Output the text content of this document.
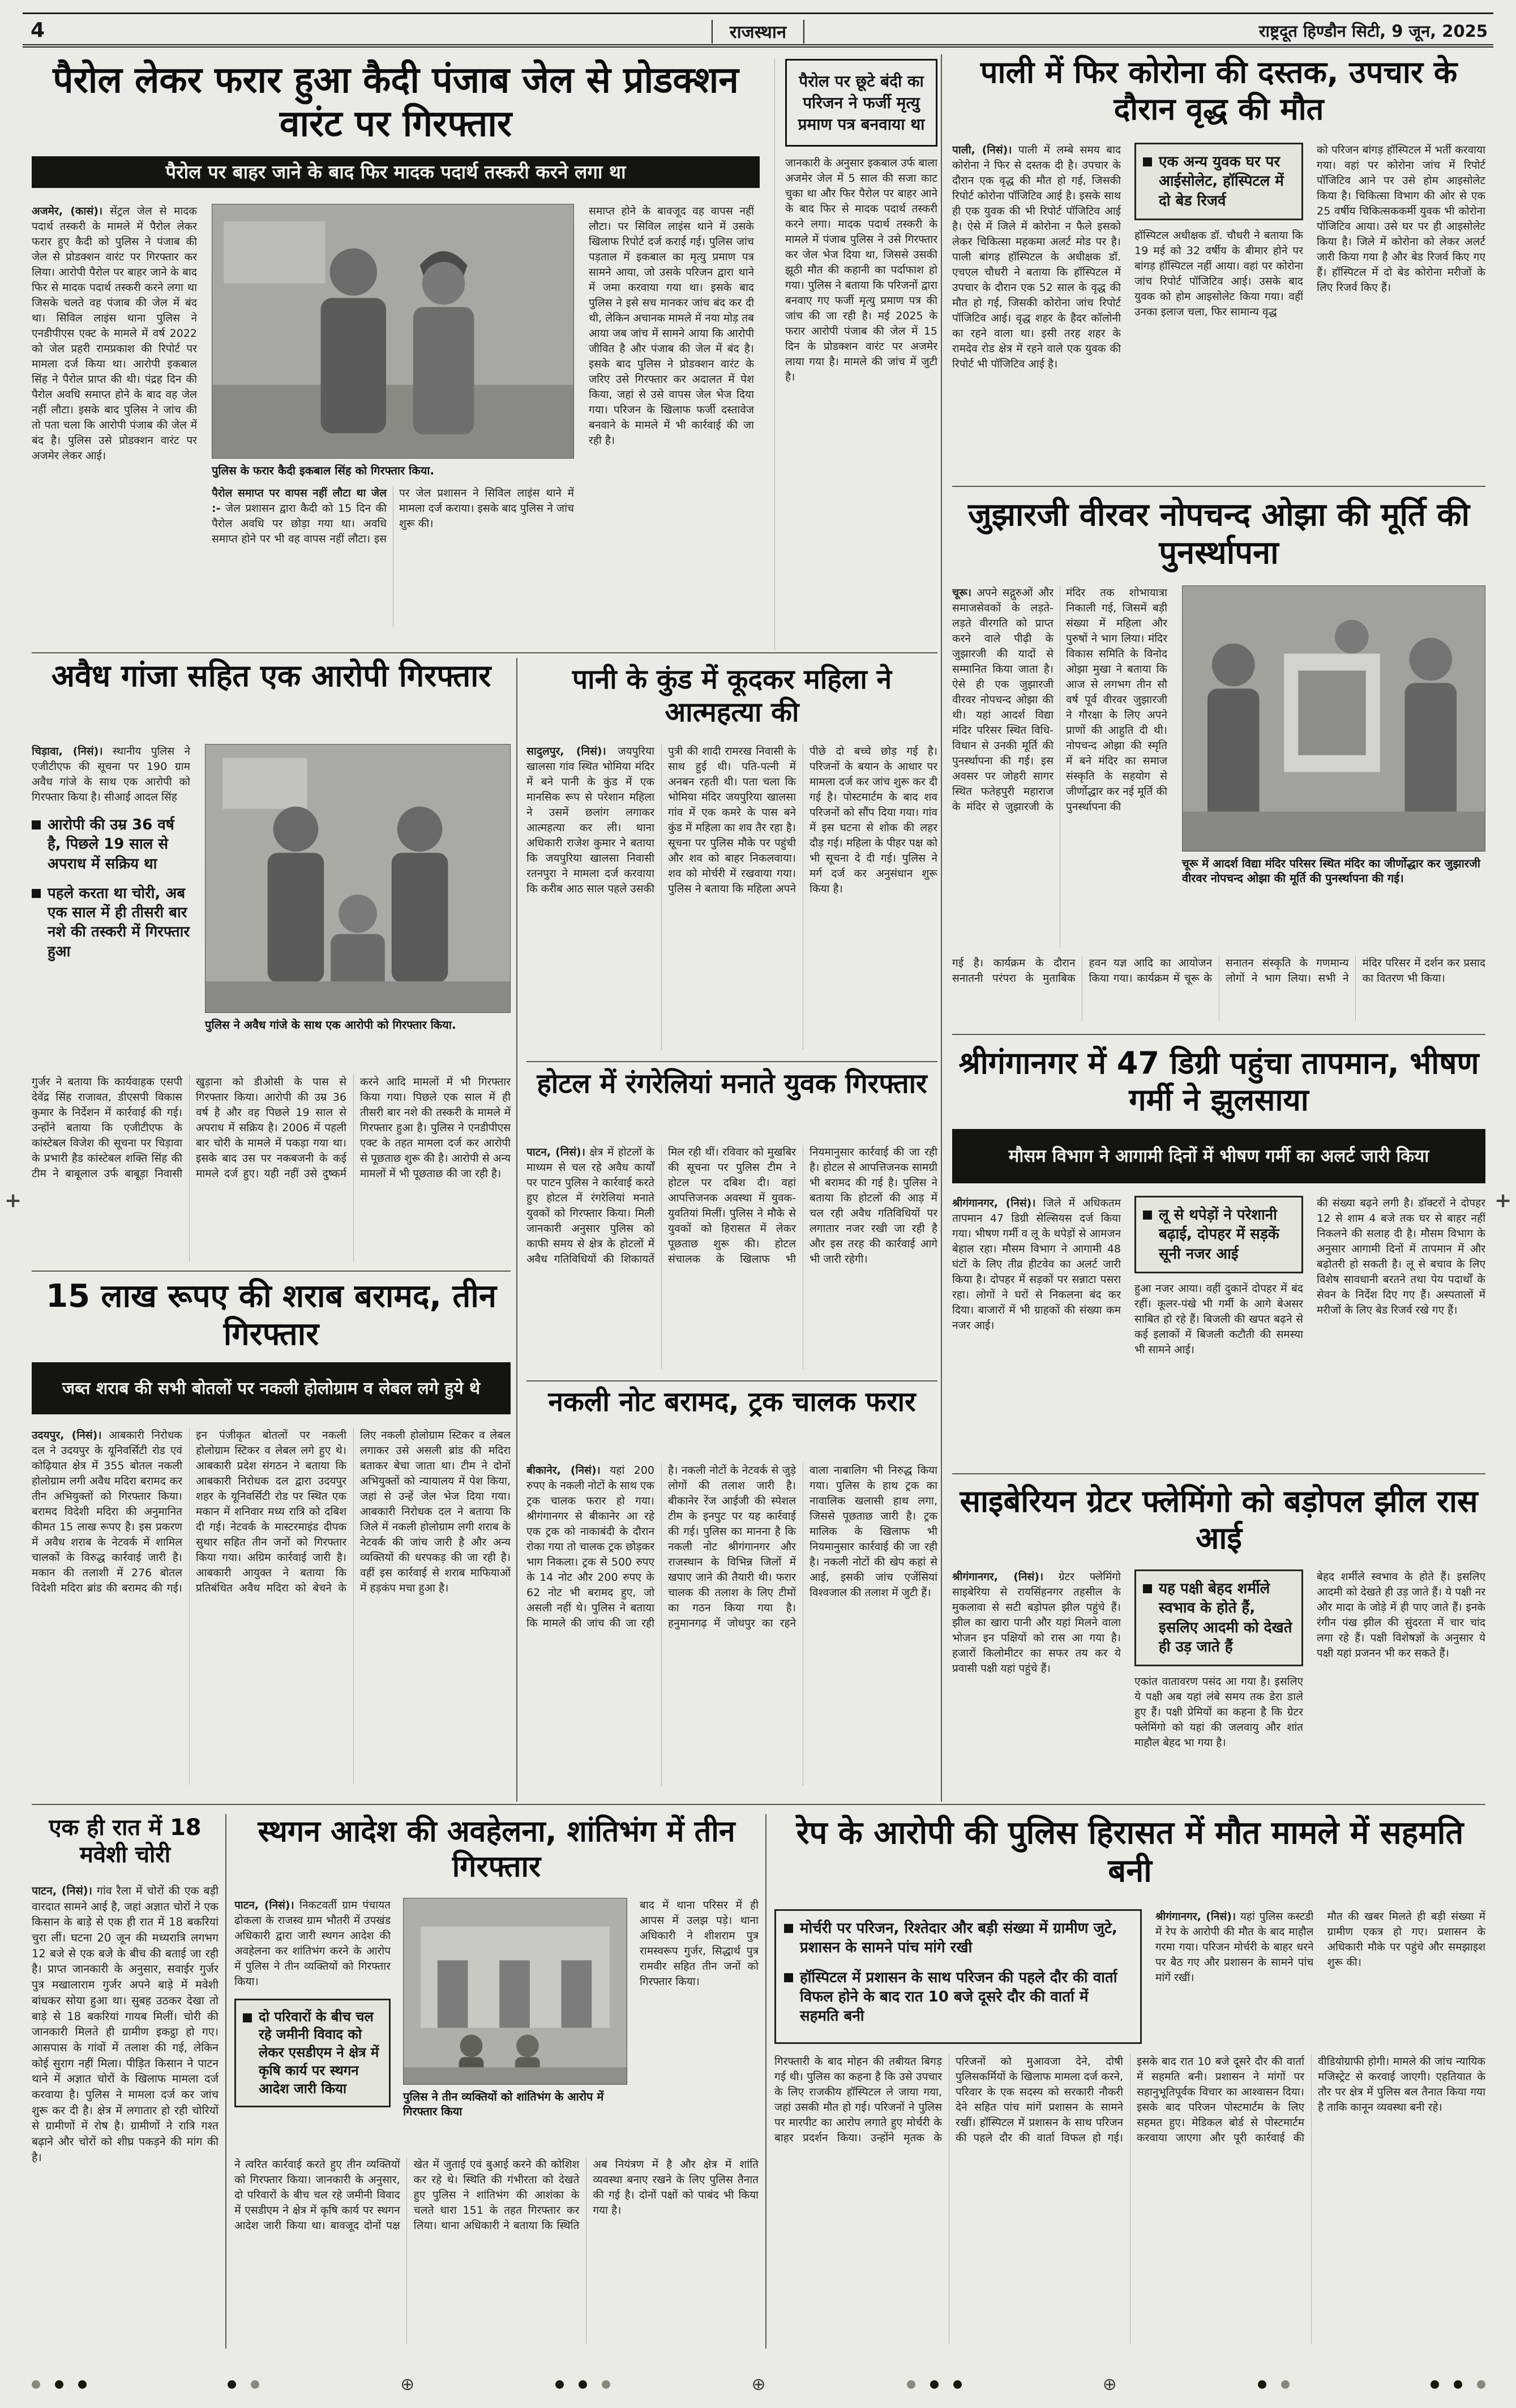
4	राजस्थान	राष्ट्रदूत हिण्डौन सिटी, 9 जून, 2025
+	+
पैरोल लेकर फरार हुआ कैदी पंजाब जेल से प्रोडक्शन वारंट पर गिरफ्तार
पैरोल पर बाहर जाने के बाद फिर मादक पदार्थ तस्करी करने लगा था

अजमेर, (कासं)। सेंट्रल जेल से मादक पदार्थ तस्करी के मामले में पैरोल लेकर फरार हुए कैदी को पुलिस ने पंजाब की जेल से प्रोडक्शन वारंट पर गिरफ्तार कर लिया। आरोपी पैरोल पर बाहर जाने के बाद फिर से मादक पदार्थ तस्करी करने लगा था जिसके चलते वह पंजाब की जेल में बंद था। सिविल लाइंस थाना पुलिस ने एनडीपीएस एक्ट के मामले में वर्ष 2022 को जेल प्रहरी रामप्रकाश की रिपोर्ट पर मामला दर्ज किया था। आरोपी इकबाल सिंह ने पैरोल प्राप्त की थी। पंद्रह दिन की पैरोल अवधि समाप्त होने के बाद वह जेल नहीं लौटा। इसके बाद पुलिस ने जांच की तो पता चला कि आरोपी पंजाब की जेल में बंद है। पुलिस उसे प्रोडक्शन वारंट पर अजमेर लेकर आई।

पुलिस के फरार कैदी इकबाल सिंह को गिरफ्तार किया.

पैरोल समाप्त पर वापस नहीं लौटा था जेल :- जेल प्रशासन द्वारा कैदी को 15 दिन की पैरोल अवधि पर छोड़ा गया था। अवधि समाप्त होने पर भी वह वापस नहीं लौटा। इस पर जेल प्रशासन ने सिविल लाइंस थाने में मामला दर्ज कराया। इसके बाद पुलिस ने जांच शुरू की।

समाप्त होने के बावजूद वह वापस नहीं लौटा। पर सिविल लाइंस थाने में उसके खिलाफ रिपोर्ट दर्ज कराई गई। पुलिस जांच पड़ताल में इकबाल का मृत्यु प्रमाण पत्र सामने आया, जो उसके परिजन द्वारा थाने में जमा करवाया गया था। इसके बाद पुलिस ने इसे सच मानकर जांच बंद कर दी थी, लेकिन अचानक मामले में नया मोड़ तब आया जब जांच में सामने आया कि आरोपी जीवित है और पंजाब की जेल में बंद है। इसके बाद पुलिस ने प्रोडक्शन वारंट के जरिए उसे गिरफ्तार कर अदालत में पेश किया, जहां से उसे वापस जेल भेज दिया गया। परिजन के खिलाफ फर्जी दस्तावेज बनवाने के मामले में भी कार्रवाई की जा रही है।

पैरोल पर छूटे बंदी का परिजन ने फर्जी मृत्यु प्रमाण पत्र बनवाया था

जानकारी के अनुसार इकबाल उर्फ बाला अजमेर जेल में 5 साल की सजा काट चुका था और फिर पैरोल पर बाहर आने के बाद फिर से मादक पदार्थ तस्करी करने लगा। मादक पदार्थ तस्करी के मामले में पंजाब पुलिस ने उसे गिरफ्तार कर जेल भेज दिया था, जिससे उसकी झूठी मौत की कहानी का पर्दाफाश हो गया। पुलिस ने बताया कि परिजनों द्वारा बनवाए गए फर्जी मृत्यु प्रमाण पत्र की जांच की जा रही है। मई 2025 के फरार आरोपी पंजाब की जेल में 15 दिन के प्रोडक्शन वारंट पर अजमेर लाया गया है। मामले की जांच में जुटी है।

पाली में फिर कोरोना की दस्तक, उपचार के दौरान वृद्ध की मौत

पाली, (निसं)। पाली में लम्बे समय बाद कोरोना ने फिर से दस्तक दी है। उपचार के दौरान एक वृद्ध की मौत हो गई, जिसकी रिपोर्ट कोरोना पॉजिटिव आई है। इसके साथ ही एक युवक की भी रिपोर्ट पॉजिटिव आई है। ऐसे में जिले में कोरोना न फैले इसको लेकर चिकित्सा महकमा अलर्ट मोड पर है। पाली बांगड़ हॉस्पिटल के अधीक्षक डॉ. एचएल चौधरी ने बताया कि हॉस्पिटल में उपचार के दौरान एक 52 साल के वृद्ध की मौत हो गई, जिसकी कोरोना जांच रिपोर्ट पॉजिटिव आई। वृद्ध शहर के हैदर कॉलोनी का रहने वाला था। इसी तरह शहर के रामदेव रोड क्षेत्र में रहने वाले एक युवक की रिपोर्ट भी पॉजिटिव आई है।

एक अन्य युवक घर पर आईसोलेट, हॉस्पिटल में दो बेड रिजर्व

हॉस्पिटल अधीक्षक डॉ. चौधरी ने बताया कि 19 मई को 32 वर्षीय के बीमार होने पर बांगड़ हॉस्पिटल नहीं आया। वहां पर कोरोना जांच रिपोर्ट पॉजिटिव आई। उसके बाद युवक को होम आइसोलेट किया गया। वहीं उनका इलाज चला, फिर सामान्य वृद्ध

को परिजन बांगड़ हॉस्पिटल में भर्ती करवाया गया। वहां पर कोरोना जांच में रिपोर्ट पॉजिटिव आने पर उसे होम आइसोलेट किया है। चिकित्सा विभाग की ओर से एक 25 वर्षीय चिकित्सककर्मी युवक भी कोरोना पॉजिटिव आया। उसे घर पर ही आइसोलेट किया है। जिले में कोरोना को लेकर अलर्ट जारी किया गया है और बेड रिजर्व किए गए हैं। हॉस्पिटल में दो बेड कोरोना मरीजों के लिए रिजर्व किए हैं।

जुझारजी वीरवर नोपचन्द ओझा की मूर्ति की पुनर्स्थापना

चूरू। अपने सद्गुरुओं और समाजसेवकों के लड़ते-लड़ते वीरगति को प्राप्त करने वाले पीढ़ी के जुझारजी की यादों से सम्मानित किया जाता है। ऐसे ही एक जुझारजी वीरवर नोपचन्द ओझा की थी। यहां आदर्श विद्या मंदिर परिसर स्थित विधि-विधान से उनकी मूर्ति की पुनर्स्थापना की गई। इस अवसर पर जोहरी सागर स्थित फतेहपुरी महाराज के मंदिर से जुझारजी के मंदिर तक शोभायात्रा निकाली गई, जिसमें बड़ी संख्या में महिला और पुरुषों ने भाग लिया। मंदिर विकास समिति के विनोद ओझा मुखा ने बताया कि आज से लगभग तीन सौ वर्ष पूर्व वीरवर जुझारजी ने गौरक्षा के लिए अपने प्राणों की आहुति दी थी। नोपचन्द ओझा की स्मृति में बने मंदिर का समाज संस्कृति के सहयोग से जीर्णोद्धार कर नई मूर्ति की पुनर्स्थापना की

चूरू में आदर्श विद्या मंदिर परिसर स्थित मंदिर का जीर्णोद्धार कर जुझारजी वीरवर नोपचन्द ओझा की मूर्ति की पुनर्स्थापना की गई।

गई है। कार्यक्रम के दौरान सनातनी परंपरा के मुताबिक हवन यज्ञ आदि का आयोजन किया गया। कार्यक्रम में चूरू के सनातन संस्कृति के गणमान्य लोगों ने भाग लिया। सभी ने मंदिर परिसर में दर्शन कर प्रसाद का वितरण भी किया।

श्रीगंगानगर में 47 डिग्री पहुंचा तापमान, भीषण गर्मी ने झुलसाया
मौसम विभाग ने आगामी दिनों में भीषण गर्मी का अलर्ट जारी किया

श्रीगंगानगर, (निसं)। जिले में अधिकतम तापमान 47 डिग्री सेल्सियस दर्ज किया गया। भीषण गर्मी व लू के थपेड़ों से आमजन बेहाल रहा। मौसम विभाग ने आगामी 48 घंटों के लिए तीव्र हीटवेव का अलर्ट जारी किया है। दोपहर में सड़कों पर सन्नाटा पसरा रहा। लोगों ने घरों से निकलना बंद कर दिया। बाजारों में भी ग्राहकों की संख्या कम नजर आई।

लू से थपेड़ों ने परेशानी बढ़ाई, दोपहर में सड़कें सूनी नजर आई

हुआ नजर आया। वहीं दुकानें दोपहर में बंद रहीं। कूलर-पंखे भी गर्मी के आगे बेअसर साबित हो रहे हैं। बिजली की खपत बढ़ने से कई इलाकों में बिजली कटौती की समस्या भी सामने आई।

की संख्या बढ़ने लगी है। डॉक्टरों ने दोपहर 12 से शाम 4 बजे तक घर से बाहर नहीं निकलने की सलाह दी है। मौसम विभाग के अनुसार आगामी दिनों में तापमान में और बढ़ोतरी हो सकती है। लू से बचाव के लिए विशेष सावधानी बरतने तथा पेय पदार्थों के सेवन के निर्देश दिए गए हैं। अस्पतालों में मरीजों के लिए बेड रिजर्व रखे गए हैं।

साइबेरियन ग्रेटर फ्लेमिंगो को बड़ोपल झील रास आई

श्रीगंगानगर, (निसं)। ग्रेटर फ्लेमिंगो साइबेरिया से रायसिंहनगर तहसील के मुकलावा से सटी बड़ोपल झील पहुंचे हैं। झील का खारा पानी और यहां मिलने वाला भोजन इन पक्षियों को रास आ गया है। हजारों किलोमीटर का सफर तय कर ये प्रवासी पक्षी यहां पहुंचे हैं।

यह पक्षी बेहद शर्मीले स्वभाव के होते हैं, इसलिए आदमी को देखते ही उड़ जाते हैं

एकांत वातावरण पसंद आ गया है। इसलिए ये पक्षी अब यहां लंबे समय तक डेरा डाले हुए हैं। पक्षी प्रेमियों का कहना है कि ग्रेटर फ्लेमिंगो को यहां की जलवायु और शांत माहौल बेहद भा गया है।

बेहद शर्मीले स्वभाव के होते हैं। इसलिए आदमी को देखते ही उड़ जाते हैं। ये पक्षी नर और मादा के जोड़े में ही पाए जाते हैं। इनके रंगीन पंख झील की सुंदरता में चार चांद लगा रहे हैं। पक्षी विशेषज्ञों के अनुसार ये पक्षी यहां प्रजनन भी कर सकते हैं।

अवैध गांजा सहित एक आरोपी गिरफ्तार

चिड़ावा, (निसं)। स्थानीय पुलिस ने एजीटीएफ की सूचना पर 190 ग्राम अवैध गांजे के साथ एक आरोपी को गिरफ्तार किया है। सीआई आदल सिंह

आरोपी की उम्र 36 वर्ष है, पिछले 19 साल से अपराध में सक्रिय था
पहले करता था चोरी, अब एक साल में ही तीसरी बार नशे की तस्करी में गिरफ्तार हुआ
पुलिस ने अवैध गांजे के साथ एक आरोपी को गिरफ्तार किया.

गुर्जर ने बताया कि कार्यवाहक एसपी देवेंद्र सिंह राजावत, डीएसपी विकास कुमार के निर्देशन में कार्रवाई की गई। उन्होंने बताया कि एजीटीएफ के कांस्टेबल विजेश की सूचना पर चिड़ावा के प्रभारी हैड कांस्टेबल शक्ति सिंह की टीम ने बाबूलाल उर्फ बाबूड़ा निवासी खुड़ाना को डीओसी के पास से गिरफ्तार किया। आरोपी की उम्र 36 वर्ष है और वह पिछले 19 साल से अपराध में सक्रिय है। 2006 में पहली बार चोरी के मामले में पकड़ा गया था। इसके बाद उस पर नकबजनी के कई मामले दर्ज हुए। यही नहीं उसे दुष्कर्म करने आदि मामलों में भी गिरफ्तार किया गया। पिछले एक साल में ही तीसरी बार नशे की तस्करी के मामले में गिरफ्तार हुआ है। पुलिस ने एनडीपीएस एक्ट के तहत मामला दर्ज कर आरोपी से पूछताछ शुरू की है। आरोपी से अन्य मामलों में भी पूछताछ की जा रही है।

पानी के कुंड में कूदकर महिला ने आत्महत्या की

सादुलपुर, (निसं)। जयपुरिया खालसा गांव स्थित भोमिया मंदिर में बने पानी के कुंड में एक मानसिक रूप से परेशान महिला ने उसमें छलांग लगाकर आत्महत्या कर ली। थाना अधिकारी राजेश कुमार ने बताया कि जयपुरिया खालसा निवासी रतनपुरा ने मामला दर्ज करवाया कि करीब आठ साल पहले उसकी पुत्री की शादी रामरख निवासी के साथ हुई थी। पति-पत्नी में अनबन रहती थी। पता चला कि भोमिया मंदिर जयपुरिया खालसा गांव में एक कमरे के पास बने कुंड में महिला का शव तैर रहा है। सूचना पर पुलिस मौके पर पहुंची और शव को बाहर निकलवाया। शव को मोर्चरी में रखवाया गया। पुलिस ने बताया कि महिला अपने पीछे दो बच्चे छोड़ गई है। परिजनों के बयान के आधार पर मामला दर्ज कर जांच शुरू कर दी गई है। पोस्टमार्टम के बाद शव परिजनों को सौंप दिया गया। गांव में इस घटना से शोक की लहर दौड़ गई। महिला के पीहर पक्ष को भी सूचना दे दी गई। पुलिस ने मर्ग दर्ज कर अनुसंधान शुरू किया है।

होटल में रंगरेलियां मनाते युवक गिरफ्तार

पाटन, (निसं)। क्षेत्र में होटलों के माध्यम से चल रहे अवैध कार्यों पर पाटन पुलिस ने कार्रवाई करते हुए होटल में रंगरेलियां मनाते युवकों को गिरफ्तार किया। मिली जानकारी अनुसार पुलिस को काफी समय से क्षेत्र के होटलों में अवैध गतिविधियों की शिकायतें मिल रही थीं। रविवार को मुखबिर की सूचना पर पुलिस टीम ने होटल पर दबिश दी। वहां आपत्तिजनक अवस्था में युवक-युवतियां मिलीं। पुलिस ने मौके से युवकों को हिरासत में लेकर पूछताछ शुरू की। होटल संचालक के खिलाफ भी नियमानुसार कार्रवाई की जा रही है। होटल से आपत्तिजनक सामग्री भी बरामद की गई है। पुलिस ने बताया कि होटलों की आड़ में चल रही अवैध गतिविधियों पर लगातार नजर रखी जा रही है और इस तरह की कार्रवाई आगे भी जारी रहेगी।

15 लाख रूपए की शराब बरामद, तीन गिरफ्तार
जब्त शराब की सभी बोतलों पर नकली होलोग्राम व लेबल लगे हुये थे

उदयपुर, (निसं)। आबकारी निरोधक दल ने उदयपुर के यूनिवर्सिटी रोड एवं कोढ़ियात क्षेत्र में 355 बोतल नकली होलोग्राम लगी अवैध मदिरा बरामद कर तीन अभियुक्तों को गिरफ्तार किया। बरामद विदेशी मदिरा की अनुमानित कीमत 15 लाख रूपए है। इस प्रकरण में अवैध शराब के नेटवर्क में शामिल चालकों के विरुद्ध कार्रवाई जारी है। मकान की तलाशी में 276 बोतल विदेशी मदिरा ब्रांड की बरामद की गई। इन पंजीकृत बोतलों पर नकली होलोग्राम स्टिकर व लेबल लगे हुए थे। आबकारी प्रदेश संगठन ने बताया कि आबकारी निरोधक दल द्वारा उदयपुर शहर के यूनिवर्सिटी रोड पर स्थित एक मकान में शनिवार मध्य रात्रि को दबिश दी गई। नेटवर्क के मास्टरमाइंड दीपक सुथार सहित तीन जनों को गिरफ्तार किया गया। अग्रिम कार्रवाई जारी है। आबकारी आयुक्त ने बताया कि प्रतिबंधित अवैध मदिरा को बेचने के लिए नकली होलोग्राम स्टिकर व लेबल लगाकर उसे असली ब्रांड की मदिरा बताकर बेचा जाता था। टीम ने दोनों अभियुक्तों को न्यायालय में पेश किया, जहां से उन्हें जेल भेज दिया गया। आबकारी निरोधक दल ने बताया कि जिले में नकली होलोग्राम लगी शराब के नेटवर्क की जांच जारी है और अन्य व्यक्तियों की धरपकड़ की जा रही है। वहीं इस कार्रवाई से शराब माफियाओं में हड़कंप मचा हुआ है।

नकली नोट बरामद, ट्रक चालक फरार

बीकानेर, (निसं)। यहां 200 रुपए के नकली नोटों के साथ एक ट्रक चालक फरार हो गया। श्रीगंगानगर से बीकानेर आ रहे एक ट्रक को नाकाबंदी के दौरान रोका गया तो चालक ट्रक छोड़कर भाग निकला। ट्रक से 500 रुपए के 14 नोट और 200 रुपए के 62 नोट भी बरामद हुए, जो असली नहीं थे। पुलिस ने बताया कि मामले की जांच की जा रही है। नकली नोटों के नेटवर्क से जुड़े लोगों की तलाश जारी है। बीकानेर रेंज आईजी की स्पेशल टीम के इनपुट पर यह कार्रवाई की गई। पुलिस का मानना है कि नकली नोट श्रीगंगानगर और राजस्थान के विभिन्न जिलों में खपाए जाने की तैयारी थी। फरार चालक की तलाश के लिए टीमों का गठन किया गया है। हनुमानगढ़ में जोधपुर का रहने वाला नाबालिग भी निरुद्ध किया गया। पुलिस के हाथ ट्रक का नावालिक खलासी हाथ लगा, जिससे पूछताछ जारी है। ट्रक मालिक के खिलाफ भी नियमानुसार कार्रवाई की जा रही है। नकली नोटों की खेप कहां से आई, इसकी जांच एजेंसियां विश्वजाल की तलाश में जुटी हैं।

एक ही रात में 18 मवेशी चोरी

पाटन, (निसं)। गांव रैला में चोरों की एक बड़ी वारदात सामने आई है, जहां अज्ञात चोरों ने एक किसान के बाड़े से एक ही रात में 18 बकरियां चुरा लीं। घटना 20 जून की मध्यरात्रि लगभग 12 बजे से एक बजे के बीच की बताई जा रही है। प्राप्त जानकारी के अनुसार, सवाईर गुर्जर पुत्र मखालाराम गुर्जर अपने बाड़े में मवेशी बांधकर सोया हुआ था। सुबह उठकर देखा तो बाड़े से 18 बकरियां गायब मिलीं। चोरी की जानकारी मिलते ही ग्रामीण इकट्ठा हो गए। आसपास के गांवों में तलाश की गई, लेकिन कोई सुराग नहीं मिला। पीड़ित किसान ने पाटन थाने में अज्ञात चोरों के खिलाफ मामला दर्ज करवाया है। पुलिस ने मामला दर्ज कर जांच शुरू कर दी है। क्षेत्र में लगातार हो रही चोरियों से ग्रामीणों में रोष है। ग्रामीणों ने रात्रि गश्त बढ़ाने और चोरों को शीघ्र पकड़ने की मांग की है।

स्थगन आदेश की अवहेलना, शांतिभंग में तीन गिरफ्तार

पाटन, (निसं)। निकटवर्ती ग्राम पंचायत ढोकला के राजस्व ग्राम भौतरी में उपखंड अधिकारी द्वारा जारी स्थगन आदेश की अवहेलना कर शांतिभंग करने के आरोप में पुलिस ने तीन व्यक्तियों को गिरफ्तार किया।

दो परिवारों के बीच चल रहे जमीनी विवाद को लेकर एसडीएम ने क्षेत्र में कृषि कार्य पर स्थगन आदेश जारी किया
पुलिस ने तीन व्यक्तियों को शांतिभंग के आरोप में गिरफ्तार किया

बाद में थाना परिसर में ही आपस में उलझ पड़े। थाना अधिकारी ने शीशराम पुत्र रामस्वरूप गुर्जर, सिद्धार्थ पुत्र रामवीर सहित तीन जनों को गिरफ्तार किया।

ने त्वरित कार्रवाई करते हुए तीन व्यक्तियों को गिरफ्तार किया। जानकारी के अनुसार, दो परिवारों के बीच चल रहे जमीनी विवाद में एसडीएम ने क्षेत्र में कृषि कार्य पर स्थगन आदेश जारी किया था। बावजूद दोनों पक्ष खेत में जुताई एवं बुआई करने की कोशिश कर रहे थे। स्थिति की गंभीरता को देखते हुए पुलिस ने शांतिभंग की आशंका के चलते धारा 151 के तहत गिरफ्तार कर लिया। थाना अधिकारी ने बताया कि स्थिति अब नियंत्रण में है और क्षेत्र में शांति व्यवस्था बनाए रखने के लिए पुलिस तैनात की गई है। दोनों पक्षों को पाबंद भी किया गया है।

रेप के आरोपी की पुलिस हिरासत में मौत मामले में सहमति बनी
मोर्चरी पर परिजन, रिश्तेदार और बड़ी संख्या में ग्रामीण जुटे, प्रशासन के सामने पांच मांगे रखी
हॉस्पिटल में प्रशासन के साथ परिजन की पहले दौर की वार्ता विफल होने के बाद रात 10 बजे दूसरे दौर की वार्ता में सहमति बनी

श्रीगंगानगर, (निसं)। यहां पुलिस कस्टडी में रेप के आरोपी की मौत के बाद माहौल गरमा गया। परिजन मोर्चरी के बाहर धरने पर बैठ गए और प्रशासन के सामने पांच मांगें रखीं।

मौत की खबर मिलते ही बड़ी संख्या में ग्रामीण एकत्र हो गए। प्रशासन के अधिकारी मौके पर पहुंचे और समझाइश शुरू की।

गिरफ्तारी के बाद मोहन की तबीयत बिगड़ गई थी। पुलिस का कहना है कि उसे उपचार के लिए राजकीय हॉस्पिटल ले जाया गया, जहां उसकी मौत हो गई। परिजनों ने पुलिस पर मारपीट का आरोप लगाते हुए मोर्चरी के बाहर प्रदर्शन किया। उन्होंने मृतक के परिजनों को मुआवजा देने, दोषी पुलिसकर्मियों के खिलाफ मामला दर्ज करने, परिवार के एक सदस्य को सरकारी नौकरी देने सहित पांच मांगें प्रशासन के सामने रखीं। हॉस्पिटल में प्रशासन के साथ परिजन की पहले दौर की वार्ता विफल हो गई। इसके बाद रात 10 बजे दूसरे दौर की वार्ता में सहमति बनी। प्रशासन ने मांगों पर सहानुभूतिपूर्वक विचार का आश्वासन दिया। इसके बाद परिजन पोस्टमार्टम के लिए सहमत हुए। मेडिकल बोर्ड से पोस्टमार्टम करवाया जाएगा और पूरी कार्रवाई की वीडियोग्राफी होगी। मामले की जांच न्यायिक मजिस्ट्रेट से करवाई जाएगी। एहतियात के तौर पर क्षेत्र में पुलिस बल तैनात किया गया है ताकि कानून व्यवस्था बनी रहे।

⊕	⊕	⊕
